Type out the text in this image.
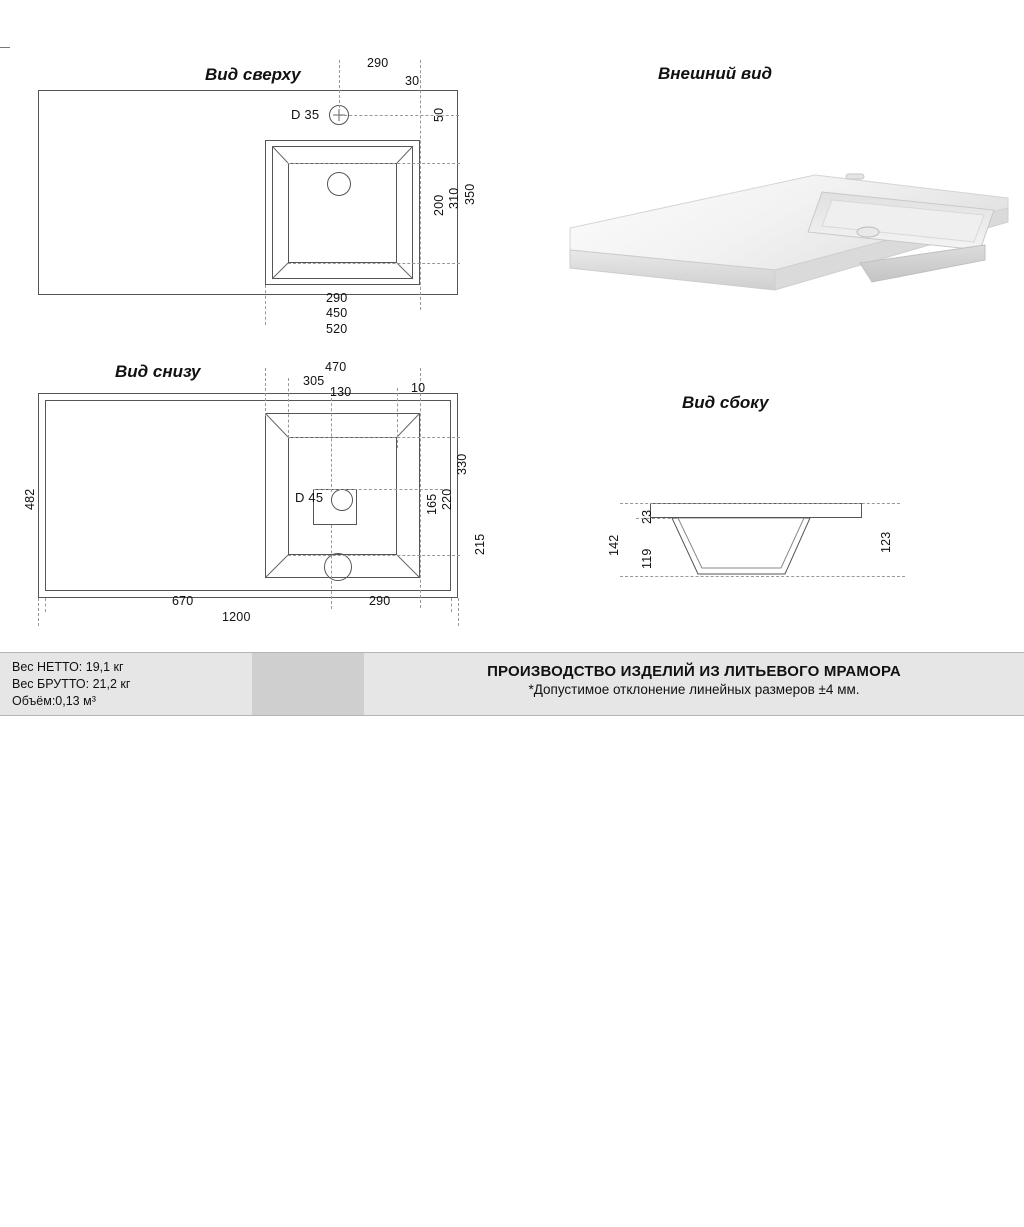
Вид сверху
290
30
50
D 35
200 310 350
290
450
520
Вид снизу	470
305
130	10
D 45	165 220
330
215
482
670	290
1200
Внешний вид
Вид сбоку
142
23
119
123
Вес НЕТТО: 19,1 кг
Вес БРУТТО: 21,2 кг
Объём:0,13 м³
ПРОИЗВОДСТВО ИЗДЕЛИЙ ИЗ ЛИТЬЕВОГО МРАМОРА
*Допустимое отклонение линейных размеров ±4 мм.
